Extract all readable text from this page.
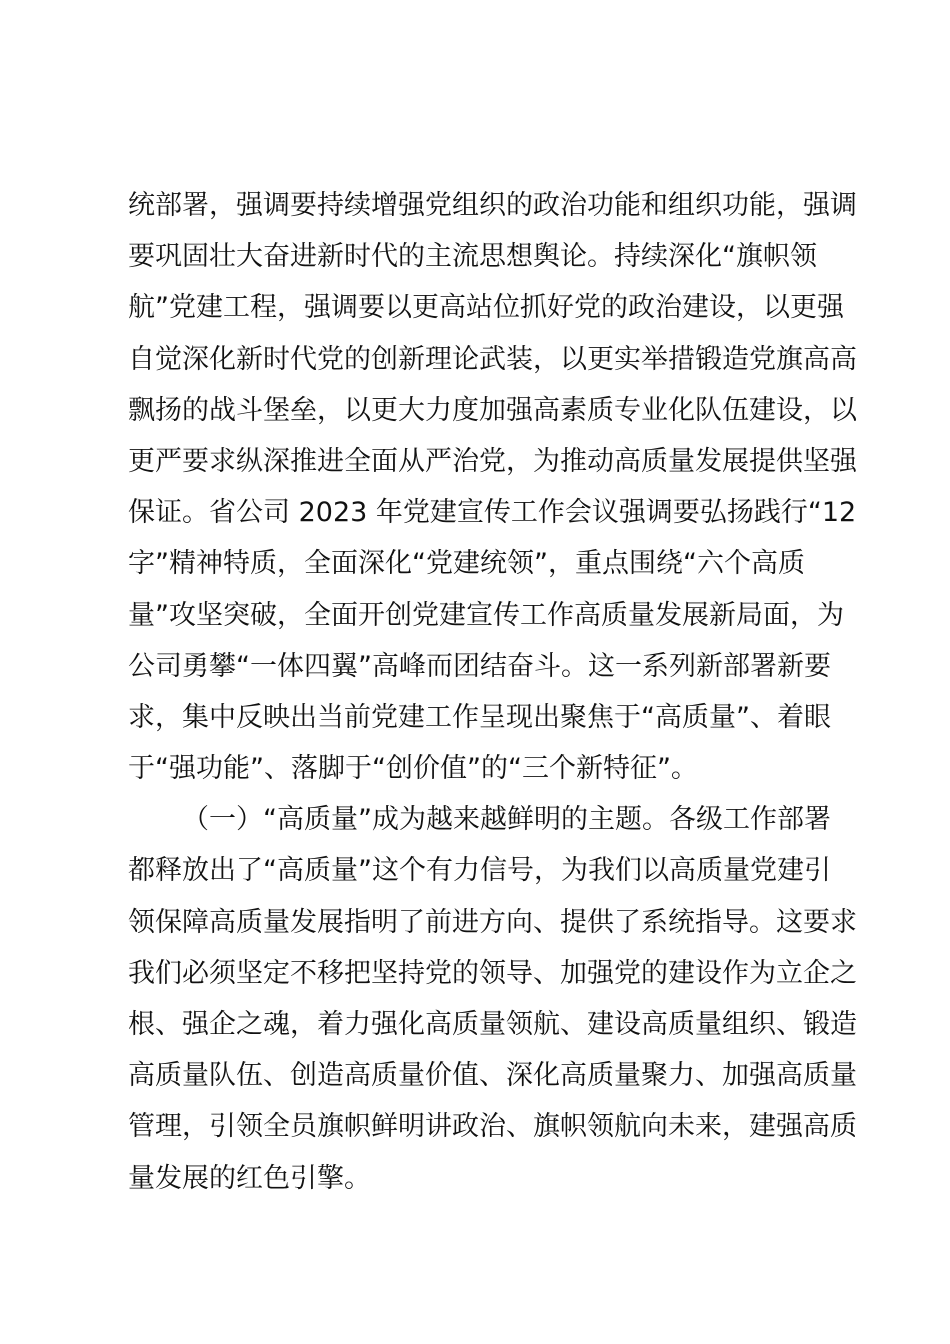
统部署，强调要持续增强党组织的政治功能和组织功能，强调
要巩固壮大奋进新时代的主流思想舆论。持续深化“旗帜领
航”党建工程，强调要以更高站位抓好党的政治建设，以更强
自觉深化新时代党的创新理论武装，以更实举措锻造党旗高高
飘扬的战斗堡垒，以更大力度加强高素质专业化队伍建设，以
更严要求纵深推进全面从严治党，为推动高质量发展提供坚强
保证。省公司 2023 年党建宣传工作会议强调要弘扬践行“12
字”精神特质，全面深化“党建统领”，重点围绕“六个高质
量”攻坚突破，全面开创党建宣传工作高质量发展新局面，为
公司勇攀“一体四翼”高峰而团结奋斗。这一系列新部署新要
求，集中反映出当前党建工作呈现出聚焦于“高质量”、着眼
于“强功能”、落脚于“创价值”的“三个新特征”。
（一）“高质量”成为越来越鲜明的主题。各级工作部署
都释放出了“高质量”这个有力信号，为我们以高质量党建引
领保障高质量发展指明了前进方向、提供了系统指导。这要求
我们必须坚定不移把坚持党的领导、加强党的建设作为立企之
根、强企之魂，着力强化高质量领航、建设高质量组织、锻造
高质量队伍、创造高质量价值、深化高质量聚力、加强高质量
管理，引领全员旗帜鲜明讲政治、旗帜领航向未来，建强高质
量发展的红色引擎。
